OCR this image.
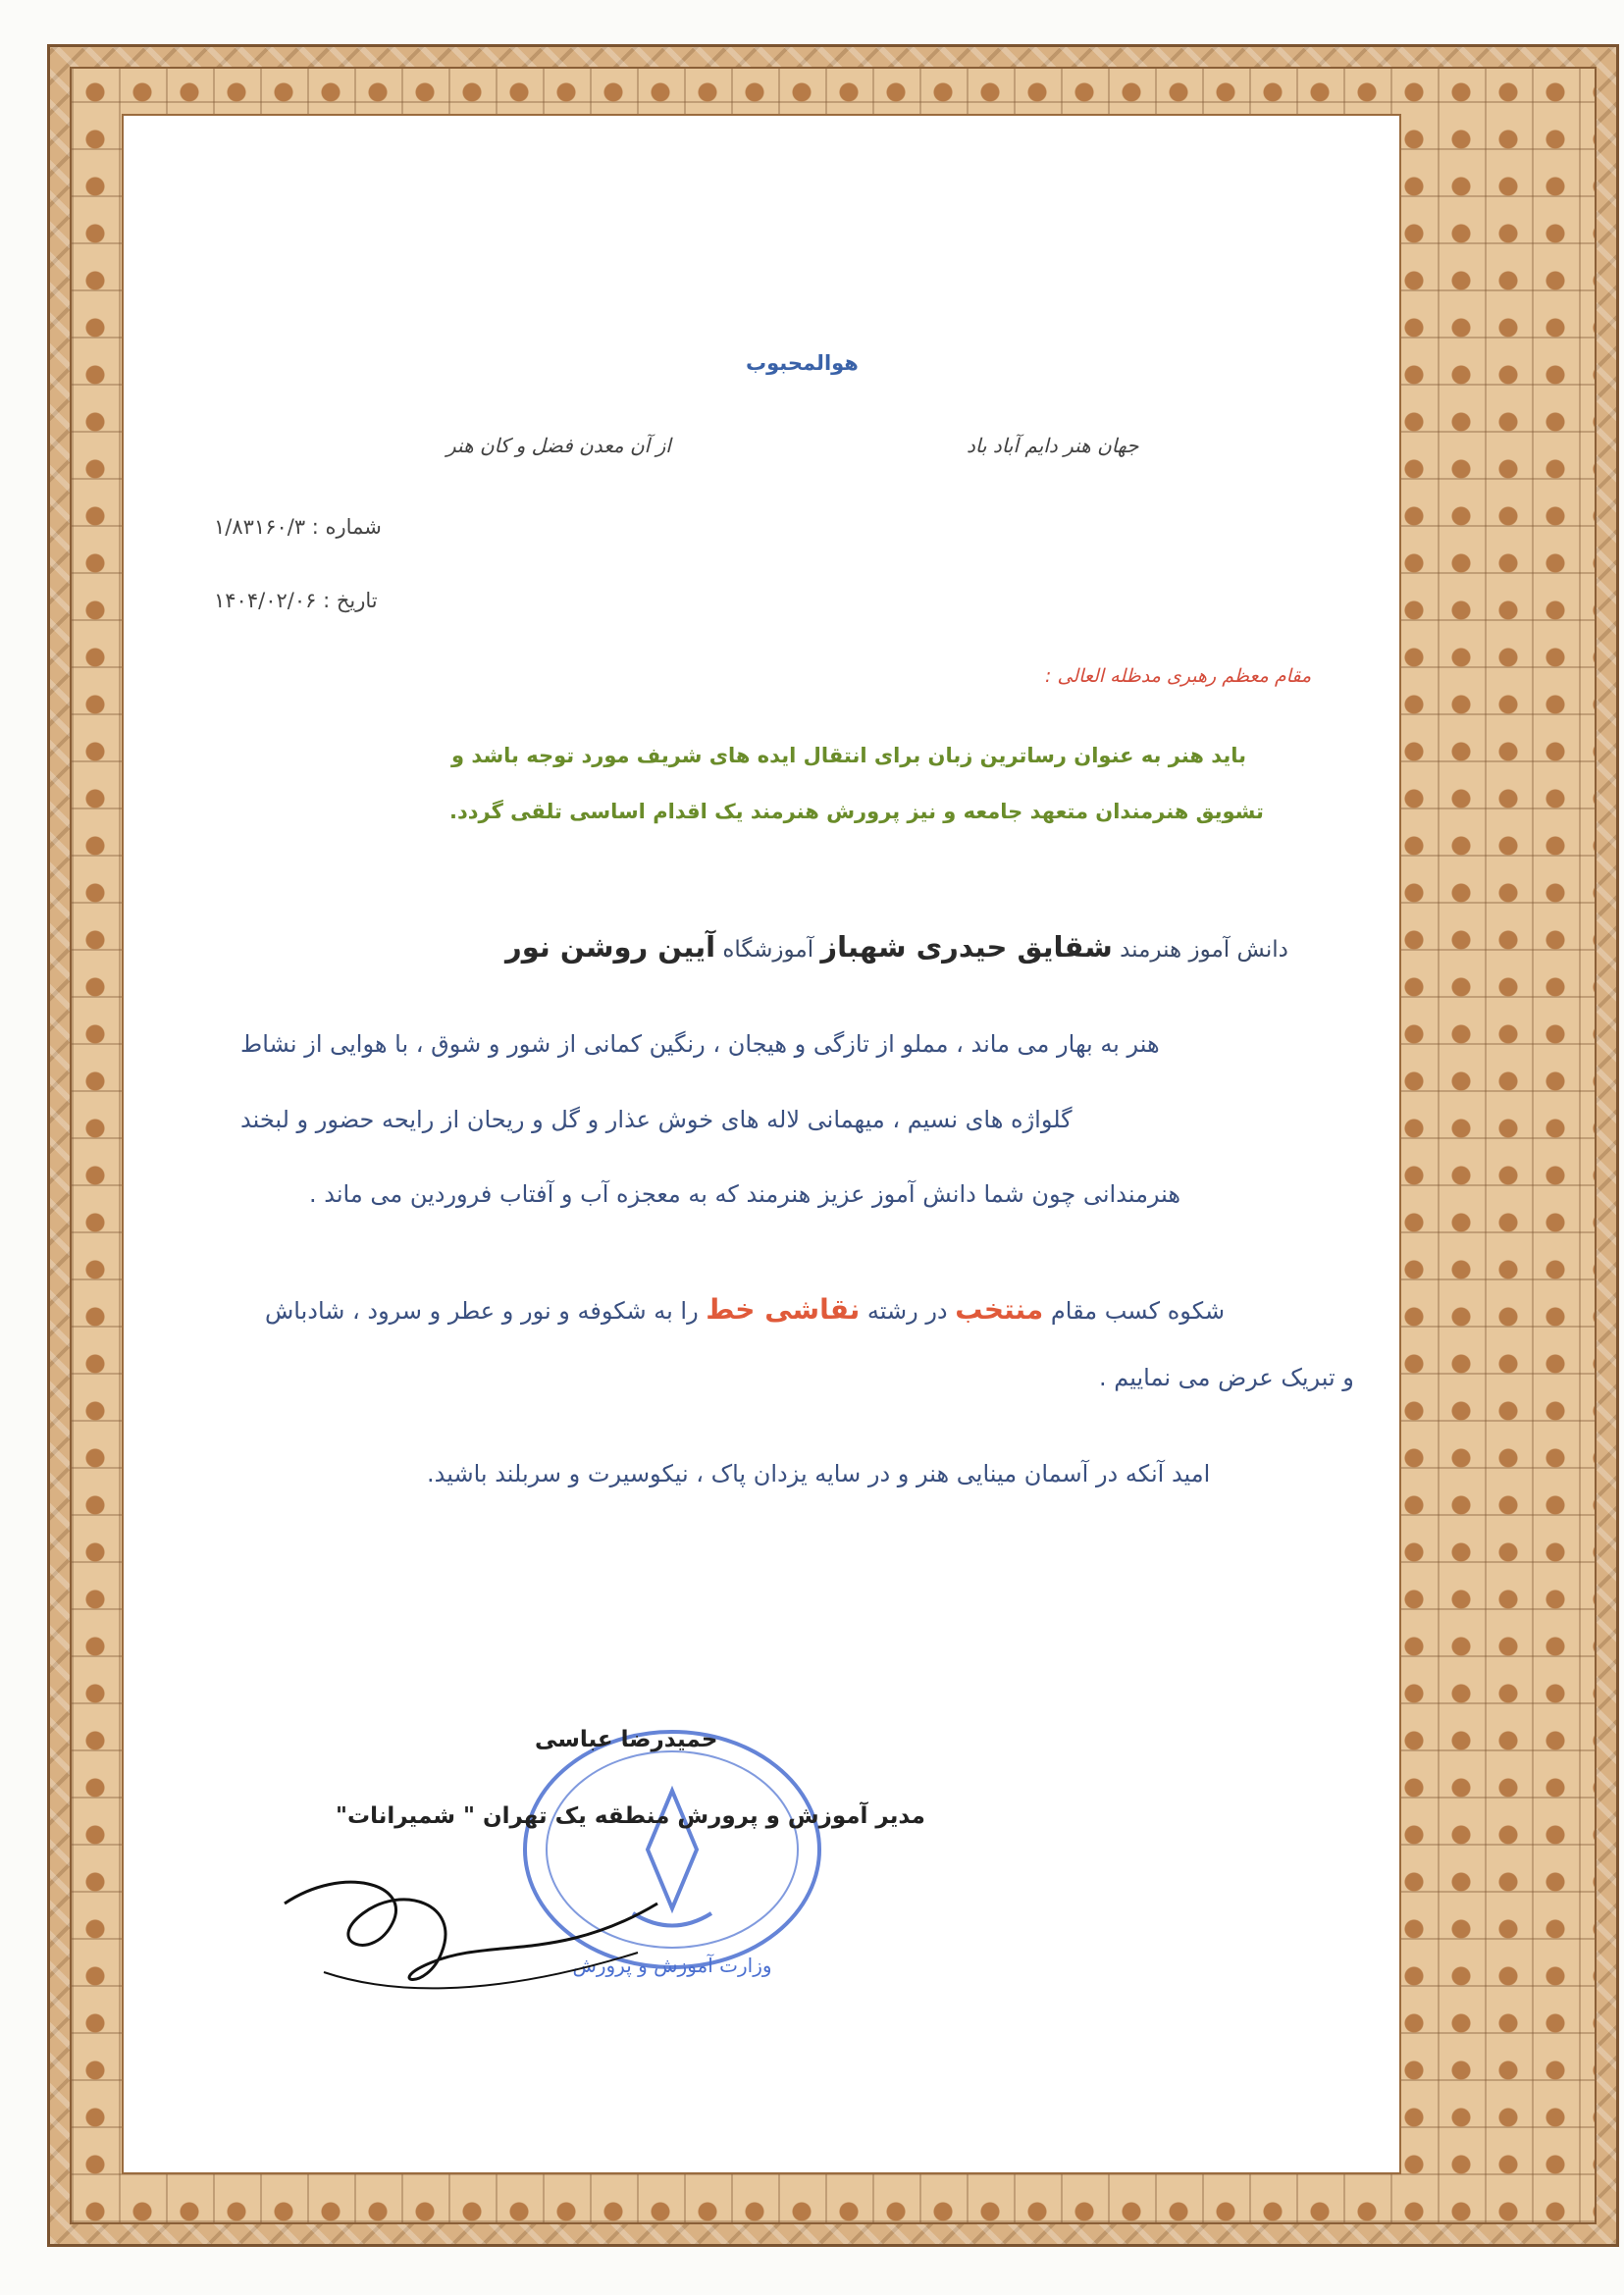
هوالمحبوب
جهان هنر دایم آباد باد
از آن معدن فضل و کان هنر
شماره : ۱/۸۳۱۶۰/۳
تاریخ : ۱۴۰۴/۰۲/۰۶
مقام معظم رهبری مدظله العالی :
باید هنر به عنوان رساترین زبان برای انتقال ایده های شریف مورد توجه باشد و
تشویق هنرمندان متعهد جامعه و نیز پرورش هنرمند یک اقدام اساسی تلقی گردد.
دانش آموز هنرمند شقایق حیدری شهباز آموزشگاه آیین روشن نور
هنر به بهار می ماند ، مملو از تازگی و هیجان ، رنگین کمانی از شور و شوق ، با هوایی از نشاط
گلواژه های نسیم ، میهمانی لاله های خوش عذار و گل و ریحان از رایحه حضور و لبخند
هنرمندانی چون شما دانش آموز عزیز هنرمند که به معجزه آب و آفتاب فروردین می ماند .
شکوه کسب مقام منتخب در رشته نقاشی خط را به شکوفه و نور و عطر و سرود ، شادباش
و تبریک عرض می نماییم .
امید آنکه در آسمان مینایی هنر و در سایه یزدان پاک ، نیکوسیرت و سربلند باشید.
وزارت آموزش و پرورش
حمیدرضا عباسی
مدیر آموزش و پرورش منطقه یک تهران " شمیرانات"
